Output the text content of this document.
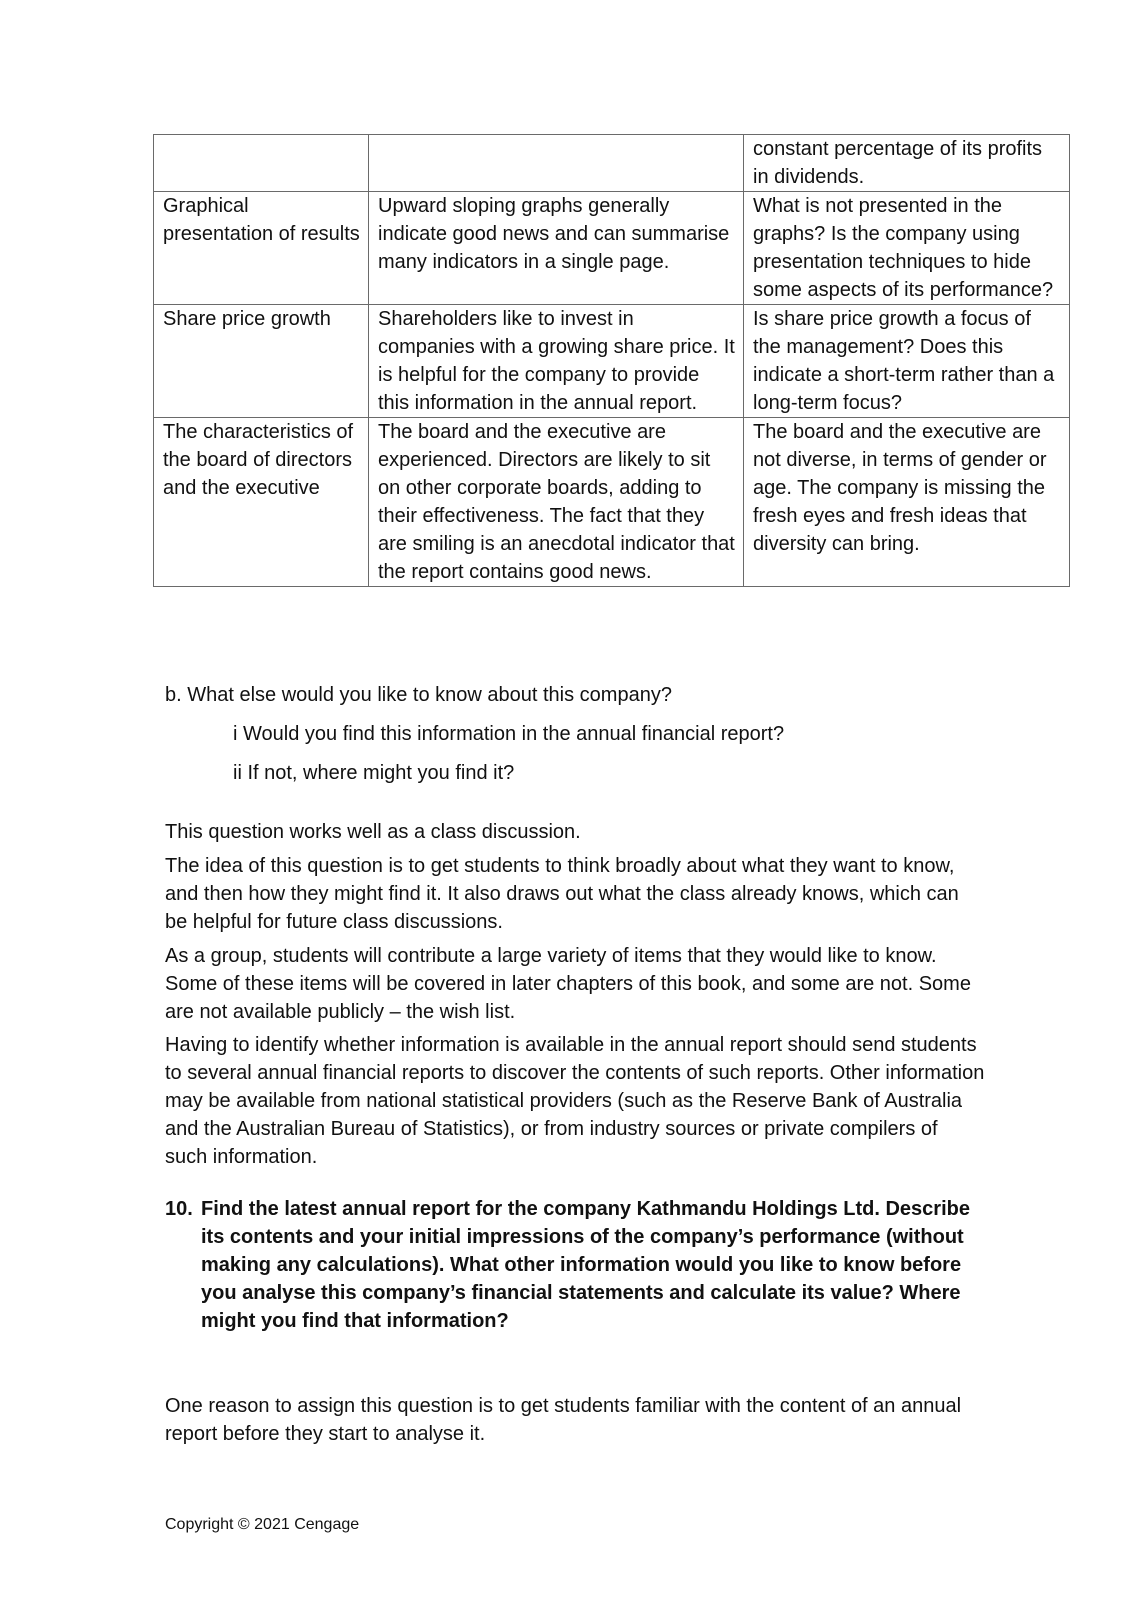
		constant percentage of its profits in dividends.
Graphical presentation of results	Upward sloping graphs generally indicate good news and can summarise many indicators in a single page.	What is not presented in the graphs? Is the company using presentation techniques to hide some aspects of its performance?
Share price growth	Shareholders like to invest in companies with a growing share price. It is helpful for the company to provide this information in the annual report.	Is share price growth a focus of the management? Does this indicate a short-term rather than a long-term focus?
The characteristics of the board of directors and the executive	The board and the executive are experienced. Directors are likely to sit on other corporate boards, adding to their effectiveness. The fact that they are smiling is an anecdotal indicator that the report contains good news.	The board and the executive are not diverse, in terms of gender or age. The company is missing the fresh eyes and fresh ideas that diversity can bring.

b. What else would you like to know about this company?

i Would you find this information in the annual financial report?

ii If not, where might you find it?

This question works well as a class discussion.

The idea of this question is to get students to think broadly about what they want to know, and then how they might find it. It also draws out what the class already knows, which can be helpful for future class discussions.

As a group, students will contribute a large variety of items that they would like to know. Some of these items will be covered in later chapters of this book, and some are not. Some are not available publicly – the wish list.

Having to identify whether information is available in the annual report should send students to several annual financial reports to discover the contents of such reports. Other information may be available from national statistical providers (such as the Reserve Bank of Australia and the Australian Bureau of Statistics), or from industry sources or private compilers of such information.

10. Find the latest annual report for the company Kathmandu Holdings Ltd. Describe its contents and your initial impressions of the company’s performance (without making any calculations). What other information would you like to know before you analyse this company’s financial statements and calculate its value? Where might you find that information?

One reason to assign this question is to get students familiar with the content of an annual report before they start to analyse it.

Copyright © 2021 Cengage
